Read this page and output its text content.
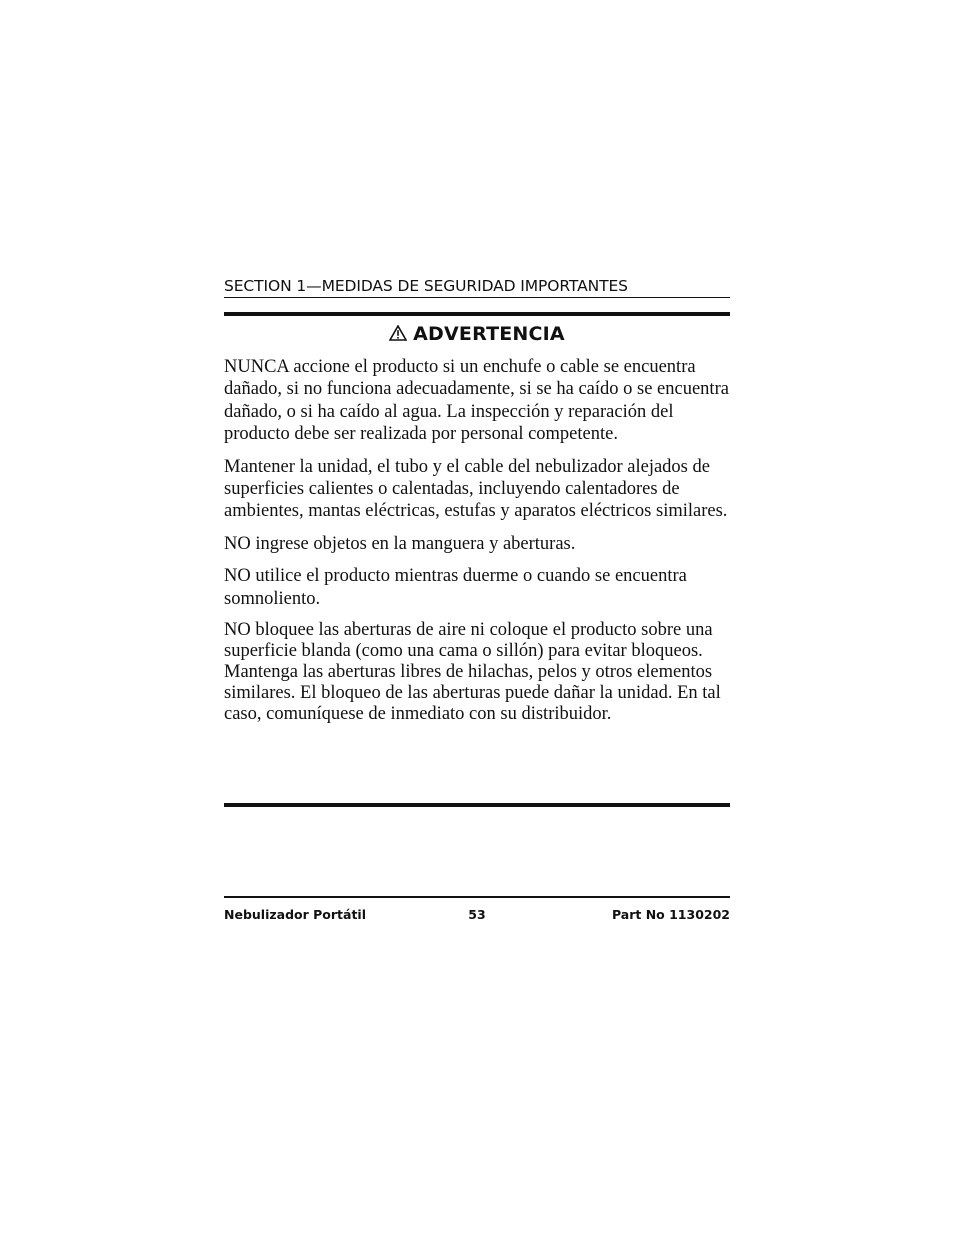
SECTION 1—MEDIDAS DE SEGURIDAD IMPORTANTES
ADVERTENCIA

NUNCA accione el producto si un enchufe o cable se encuentra dañado, si no funciona adecuadamente, si se ha caído o se encuentra dañado, o si ha caído al agua. La inspección y reparación del producto debe ser realizada por personal competente.

Mantener la unidad, el tubo y el cable del nebulizador alejados de superficies calientes o calentadas, incluyendo calentadores de ambientes, mantas eléctricas, estufas y aparatos eléctricos similares.

NO ingrese objetos en la manguera y aberturas.

NO utilice el producto mientras duerme o cuando se encuentra somnoliento.

NO bloquee las aberturas de aire ni coloque el producto sobre una superficie blanda (como una cama o sillón) para evitar bloqueos. Mantenga las aberturas libres de hilachas, pelos y otros elementos similares. El bloqueo de las aberturas puede dañar la unidad. En tal caso, comuníquese de inmediato con su distribuidor.

53
Nebulizador Portátil	Part No 1130202
